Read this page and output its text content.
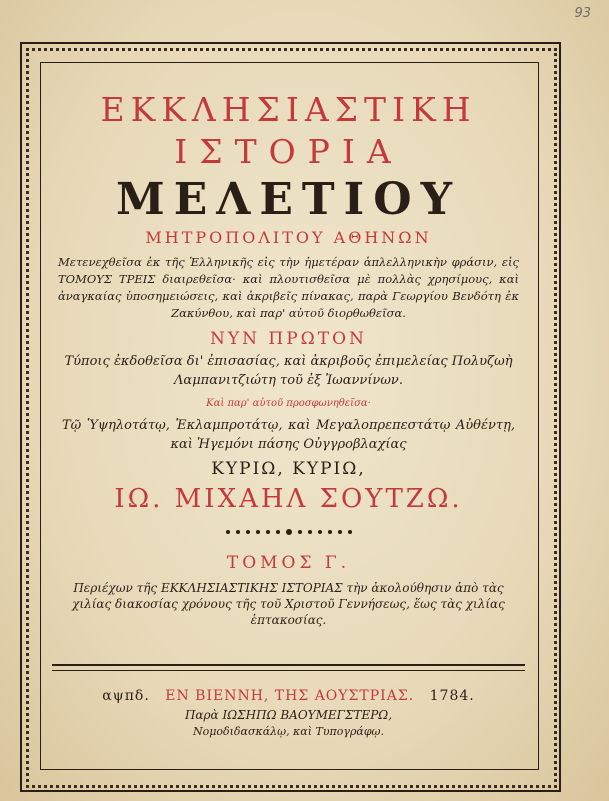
93
ΕΚΚΛΗΣΙΑΣΤΙΚΗ
ΙΣΤΟΡΙΑ
ΜΕΛΕΤΙΟΥ
ΜΗΤΡΟΠΟΛΙΤΟΥ ΑΘΗΝΩΝ
Μετενεχθεῖσα ἐκ τῆς Ἑλληνικῆς εἰς τὴν ἡμετέραν ἁπλελληνικὴν φράσιν, εἰς ΤΟΜΟΥΣ ΤΡΕΙΣ διαιρεθεῖσα· καὶ πλουτισθεῖσα μὲ πολλὰς χρησίμους, καὶ ἀναγκαίας ὑποσημειώσεις, καὶ ἀκριβεῖς πίνακας, παρὰ Γεωργίου Βενδότη ἐκ Ζακύνθου, καὶ παρ' αὐτοῦ διορθωθεῖσα.
ΝΥΝ ΠΡΩΤΟΝ
Τύποις ἐκδοθεῖσα δι' ἐπισασίας, καὶ ἀκριβοῦς ἐπιμελείας Πολυζωὴ Λαμπανιτζιώτη τοῦ ἐξ Ἰωαννίνων.
Καὶ παρ' αὐτοῦ προσφωνηθεῖσα·
Τῷ Ὑψηλοτάτῳ, Ἐκλαμπροτάτῳ, καὶ Μεγαλοπρεπεστάτῳ Αὐθέντῃ, καὶ Ἡγεμόνι πάσης Οὐγγροβλαχίας
ΚΥΡΙΩ, ΚΥΡΙΩ,
ΙΩ. ΜΙΧΑΗΛ ΣΟΥΤΖΩ.
ΤΟΜΟΣ Γ.
Περιέχων τῆς ΕΚΚΛΗΣΙΑΣΤΙΚΗΣ ΙΣΤΟΡΙΑΣ τὴν ἀκολούθησιν ἀπὸ τὰς χιλίας διακοσίας χρόνους τῆς τοῦ Χριστοῦ Γεννήσεως, ἕως τὰς χιλίας ἑπτακοσίας.
αψπδ. ΕΝ ΒΙΕΝΝΗ, ΤΗΣ ΑΟΥΣΤΡΙΑΣ. 1784.
Παρὰ ΙΩΣΗΠΩ ΒΑΟΥΜΕΓΣΤΕΡΩ,
Νομοδιδασκάλῳ, καὶ Τυπογράφῳ.
